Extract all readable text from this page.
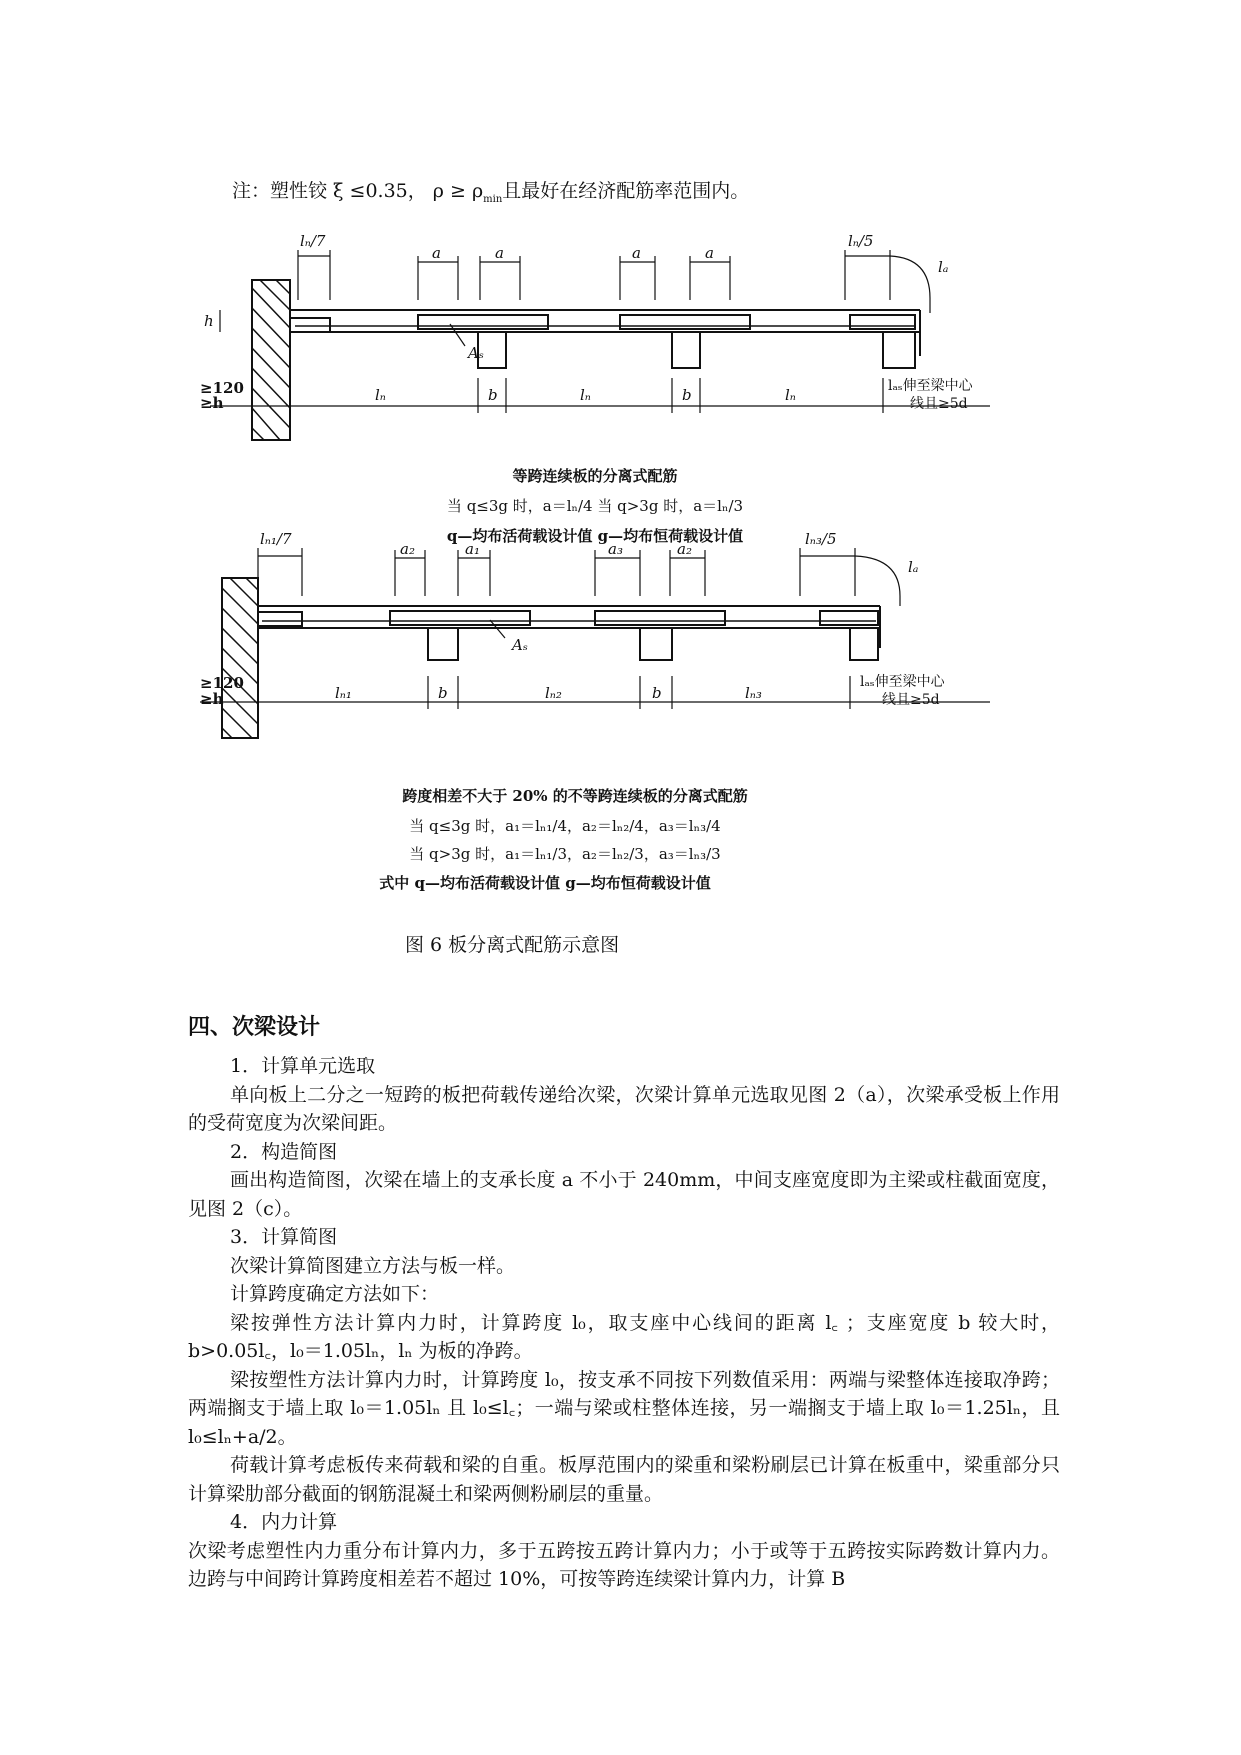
注：塑性铰 ξ ≤0.35， $\rho \ge \rho_{min}$且最好在经济配筋率范围内。
lₙ/7
a	a	a	a
lₙ/5
lₐ
h
Aₛ
≥120
≥h	lₙ	b	lₙ	b	lₙ	lₐₛ伸至梁中心
线且≥5d
等跨连续板的分离式配筋
当 q≤3g 时，a＝lₙ/4 当 q>3g 时，a＝lₙ/3
q—均布活荷载设计值 g—均布恒荷载设计值
lₙ₁/7
a₂	a₁	a₃	a₂
lₙ₃/5
lₐ
Aₛ
≥120
≥h	lₙ₁	b	lₙ₂	b	lₙ₃
lₐₛ伸至梁中心
线且≥5d
跨度相差不大于 20% 的不等跨连续板的分离式配筋
当 q≤3g 时，a₁＝lₙ₁/4，a₂＝lₙ₂/4，a₃＝lₙ₃/4
当 q>3g 时，a₁＝lₙ₁/3，a₂＝lₙ₂/3，a₃＝lₙ₃/3
式中 q—均布活荷载设计值 g—均布恒荷载设计值
图 6 板分离式配筋示意图
四、次梁设计

1．计算单元选取

单向板上二分之一短跨的板把荷载传递给次梁，次梁计算单元选取见图 2（a），次梁承受板上作用的受荷宽度为次梁间距。

2．构造简图

画出构造简图，次梁在墙上的支承长度 a 不小于 240mm，中间支座宽度即为主梁或柱截面宽度，见图 2（c）。

3．计算简图

次梁计算简图建立方法与板一样。

计算跨度确定方法如下：

梁按弹性方法计算内力时，计算跨度 l₀，取支座中心线间的距离 l꜀ ；支座宽度 b 较大时， b>0.05l꜀，l₀＝1.05lₙ，lₙ 为板的净跨。

梁按塑性方法计算内力时，计算跨度 l₀，按支承不同按下列数值采用：两端与梁整体连接取净跨；两端搁支于墙上取 l₀＝1.05lₙ 且 l₀≤l꜀；一端与梁或柱整体连接，另一端搁支于墙上取 l₀＝1.25lₙ，且 l₀≤lₙ+a/2。

荷载计算考虑板传来荷载和梁的自重。板厚范围内的梁重和梁粉刷层已计算在板重中，梁重部分只计算梁肋部分截面的钢筋混凝土和梁两侧粉刷层的重量。

4．内力计算

次梁考虑塑性内力重分布计算内力，多于五跨按五跨计算内力；小于或等于五跨按实际跨数计算内力。边跨与中间跨计算跨度相差若不超过 10%，可按等跨连续梁计算内力，计算 B
